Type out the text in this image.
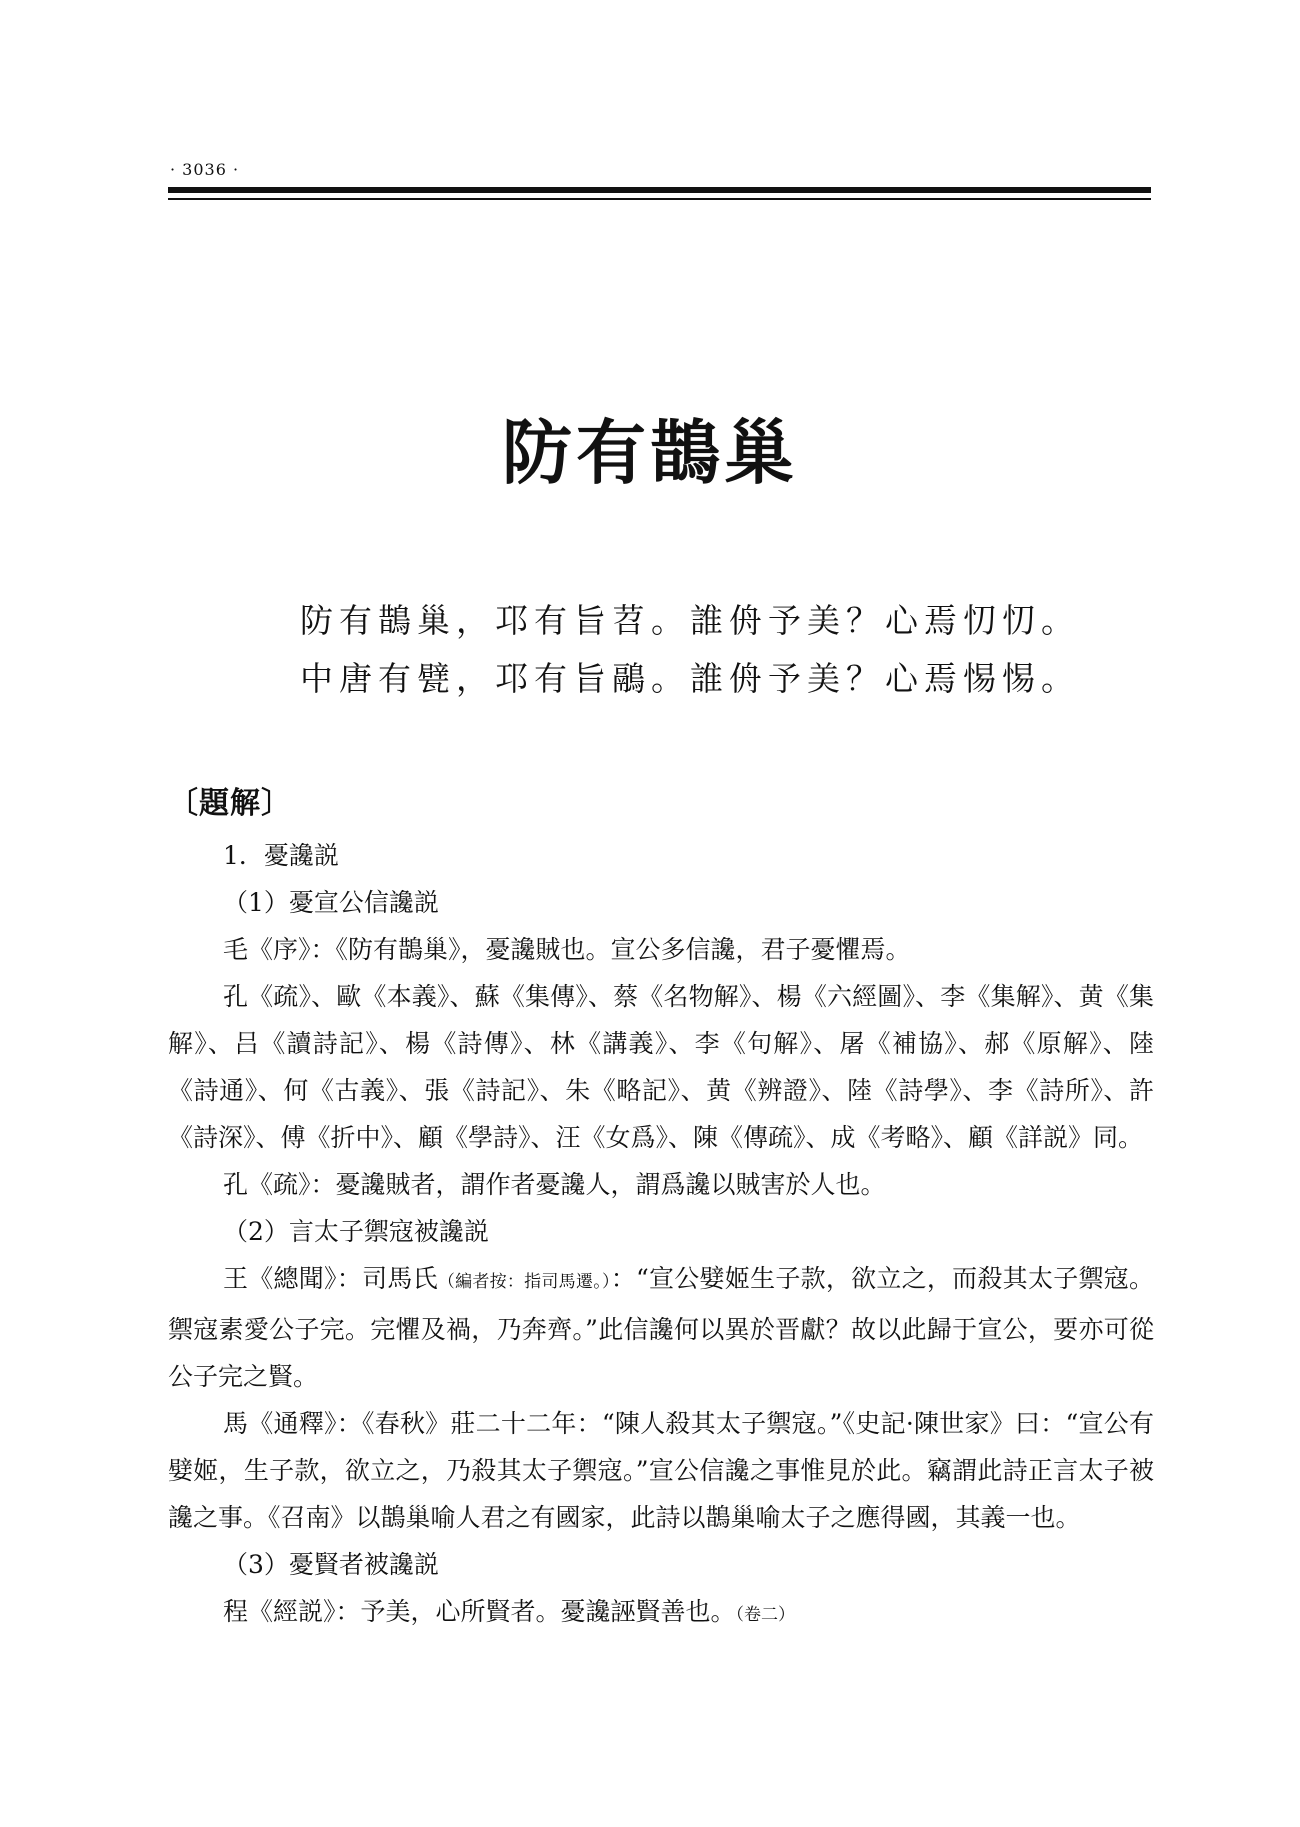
· 3036 ·
防有鵲巢
防有鵲巢，邛有旨苕。誰侜予美？心焉忉忉。
中唐有甓，邛有旨鷊。誰侜予美？心焉惕惕。
〔題解〕

1．憂讒説

（1）憂宣公信讒説

毛《序》：《防有鵲巢》，憂讒賊也。宣公多信讒，君子憂懼焉。

孔《疏》、歐《本義》、蘇《集傳》、蔡《名物解》、楊《六經圖》、李《集解》、黄《集解》、吕《讀詩記》、楊《詩傳》、林《講義》、李《句解》、屠《補協》、郝《原解》、陸《詩通》、何《古義》、張《詩記》、朱《略記》、黄《辨證》、陸《詩學》、李《詩所》、許《詩深》、傅《折中》、顧《學詩》、汪《女爲》、陳《傳疏》、成《考略》、顧《詳説》同。

孔《疏》：憂讒賊者，謂作者憂讒人，謂爲讒以賊害於人也。

（2）言太子禦寇被讒説

王《總聞》：司馬氏（編者按：指司馬遷。）：“宣公嬖姬生子款，欲立之，而殺其太子禦寇。禦寇素愛公子完。完懼及禍，乃奔齊。”此信讒何以異於晋獻？故以此歸于宣公，要亦可從公子完之賢。

馬《通釋》：《春秋》莊二十二年：“陳人殺其太子禦寇。”《史記·陳世家》曰：“宣公有嬖姬，生子款，欲立之，乃殺其太子禦寇。”宣公信讒之事惟見於此。竊謂此詩正言太子被讒之事。《召南》以鵲巢喻人君之有國家，此詩以鵲巢喻太子之應得國，其義一也。

（3）憂賢者被讒説

程《經説》：予美，心所賢者。憂讒誣賢善也。（卷二）
